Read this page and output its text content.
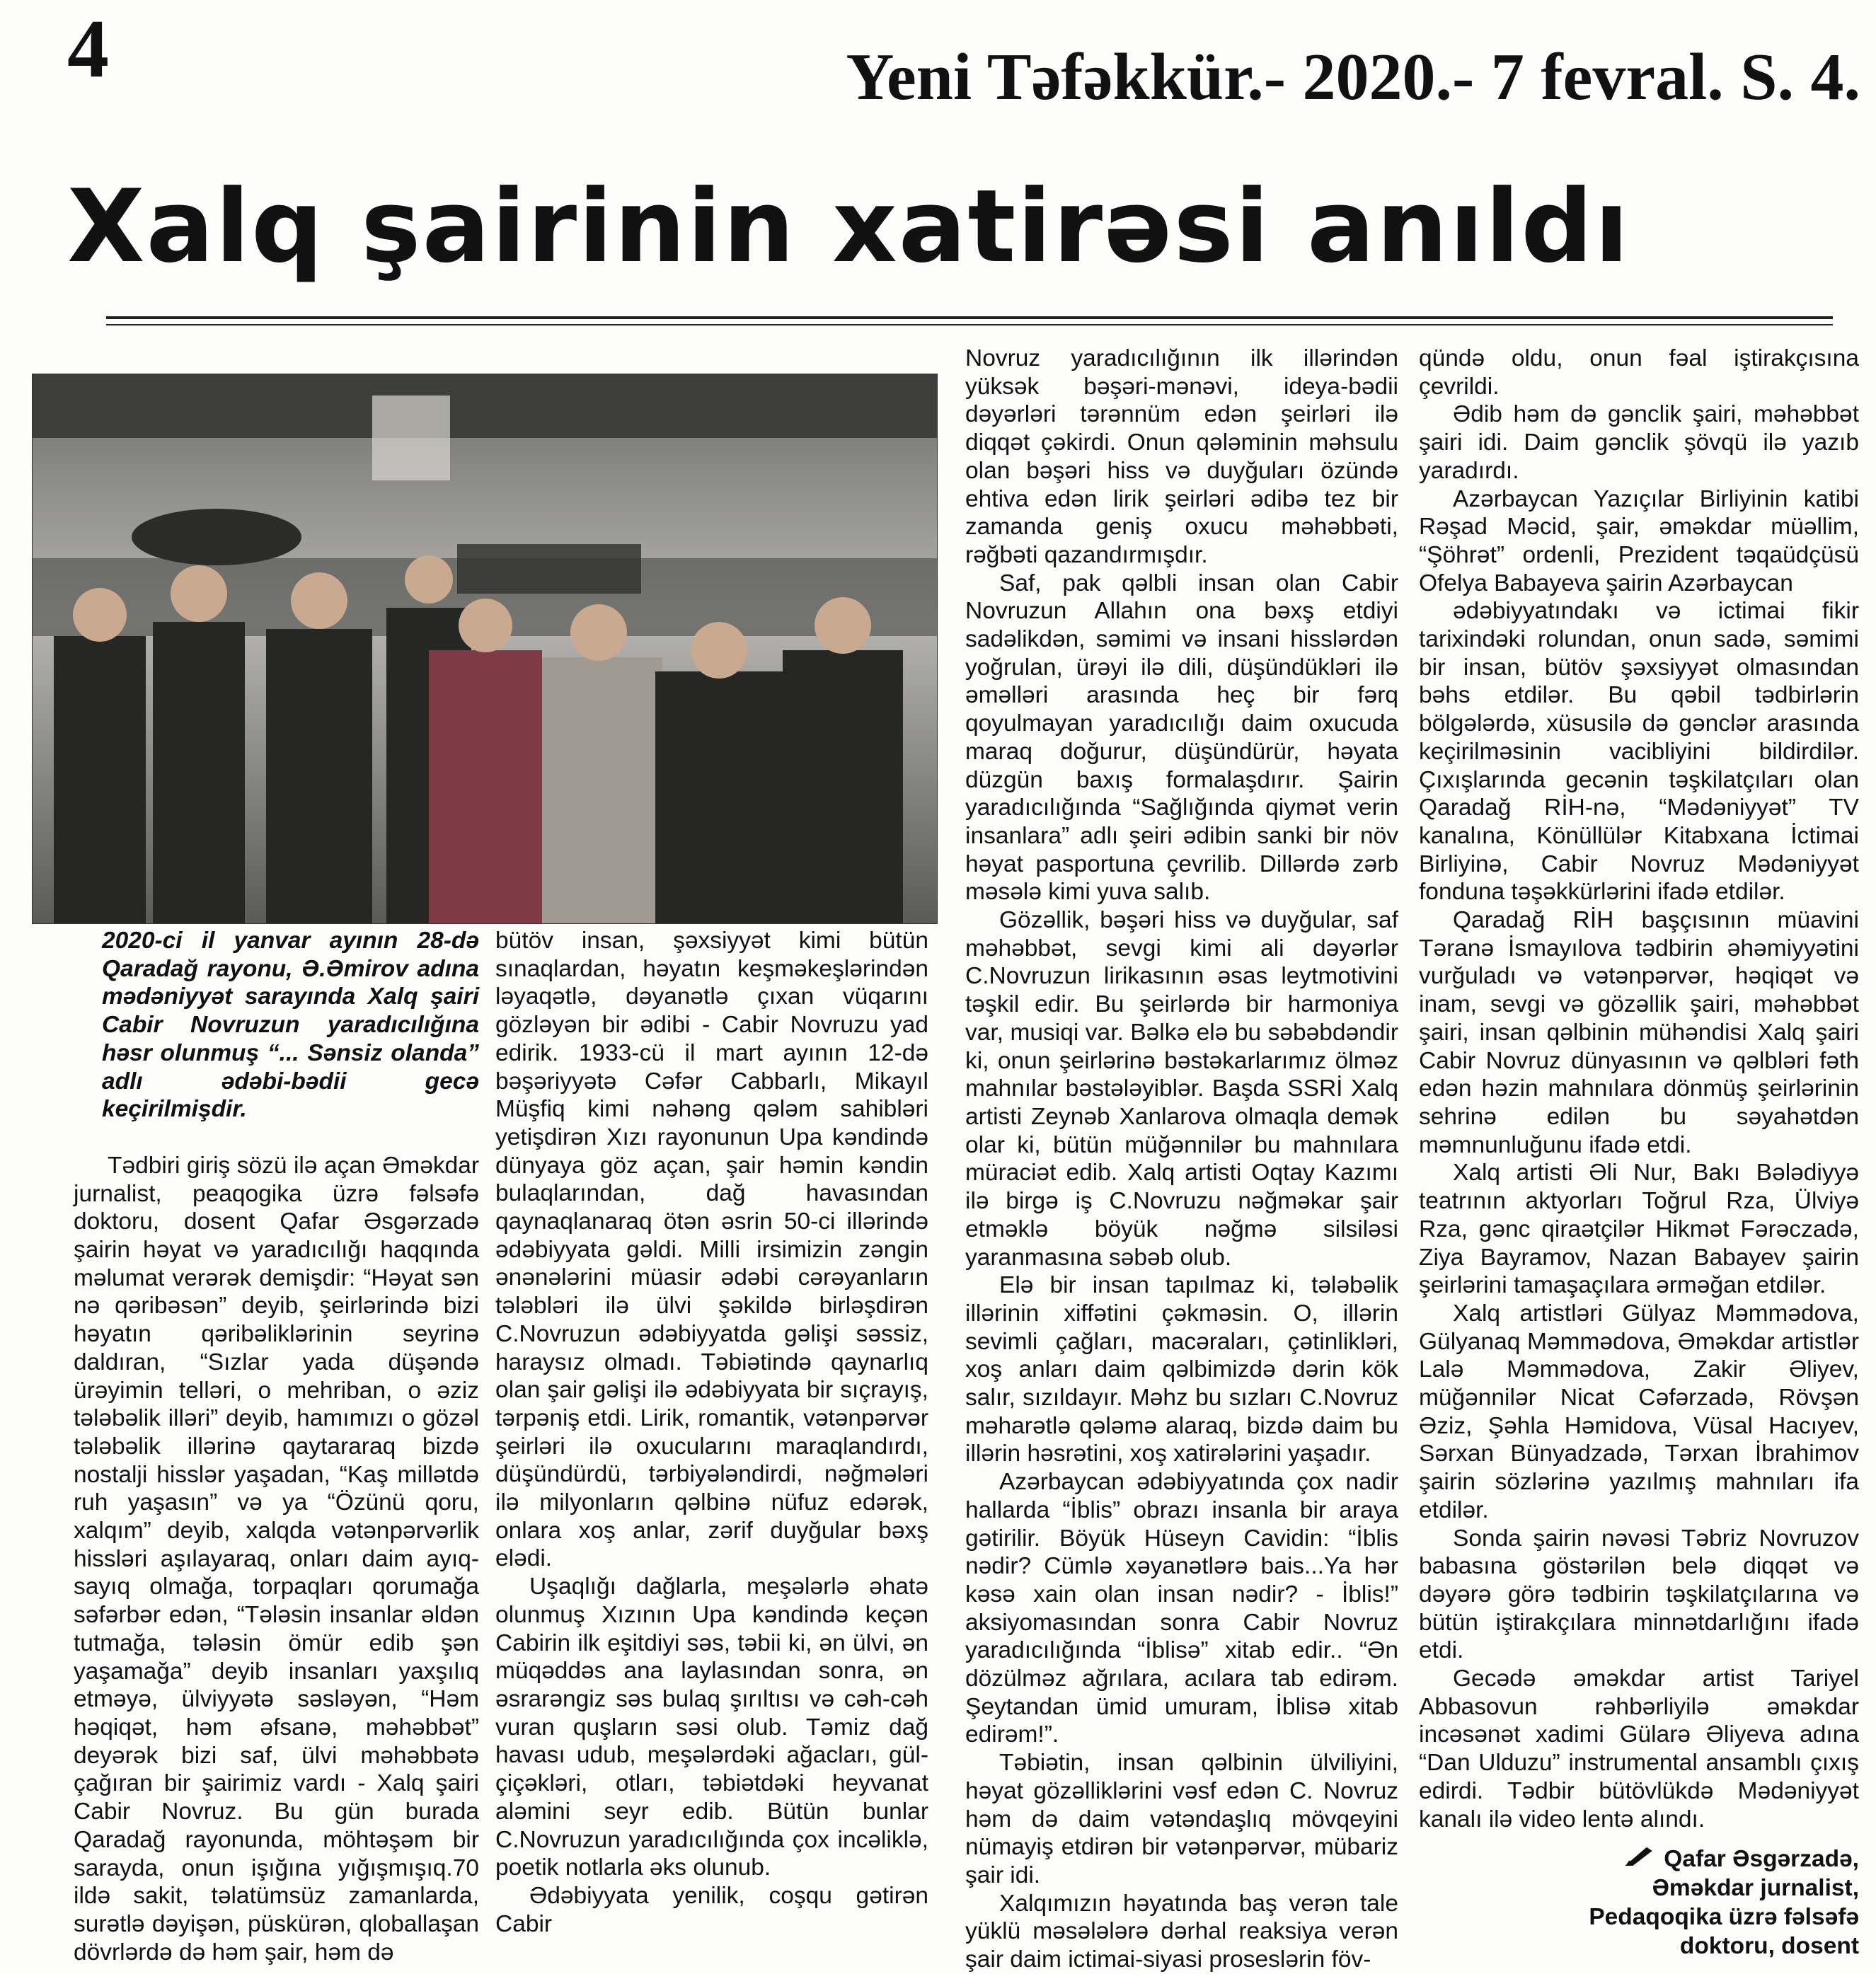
4	Yeni Təfəkkür.- 2020.- 7 fevral. S. 4.
Xalq şairinin xatirəsi anıldı

2020-ci il yanvar ayının 28-də Qaradağ rayonu, Ə.Əmirov adına mədəniyyət sarayında Xalq şairi Cabir Novruzun yaradıcılığına həsr olunmuş “... Sənsiz olanda” adlı ədəbi-bədii gecə keçirilmişdir.

Tədbiri giriş sözü ilə açan Əməkdar jurnalist, peaqogika üzrə fəlsəfə doktoru, dosent Qafar Əsgərzadə şairin həyat və yaradıcılığı haqqında məlumat verərək demişdir: “Həyat sən nə qəribəsən” deyib, şeirlərində bizi həyatın qəribəliklərinin seyrinə daldıran, “Sızlar yada düşəndə ürəyimin telləri, o mehriban, o əziz tələbəlik illəri” deyib, hamımızı o gözəl tələbəlik illərinə qaytararaq bizdə nostalji hisslər yaşadan, “Kaş millətdə ruh yaşasın” və ya “Özünü qoru, xalqım” deyib, xalqda vətənpərvərlik hissləri aşılayaraq, onları daim ayıq- sayıq olmağa, torpaqları qorumağa səfərbər edən, “Tələsin insanlar əldən tutmağa, tələsin ömür edib şən yaşamağa” deyib insanları yaxşılıq etməyə, ülviyyətə səsləyən, “Həm həqiqət, həm əfsanə, məhəbbət” deyərək bizi saf, ülvi məhəbbətə çağıran bir şairimiz vardı - Xalq şairi Cabir Novruz. Bu gün burada Qaradağ rayonunda, möhtəşəm bir sarayda, onun işığına yığışmışıq.70 ildə sakit, təlatümsüz zamanlarda, surətlə dəyişən, püskürən, qloballaşan dövrlərdə də həm şair, həm də

bütöv insan, şəxsiyyət kimi bütün sınaqlardan, həyatın keşməkeşlərindən ləyaqətlə, dəyanətlə çıxan vüqarını gözləyən bir ədibi - Cabir Novruzu yad edirik. 1933-cü il mart ayının 12-də bəşəriyyətə Cəfər Cabbarlı, Mikayıl Müşfiq kimi nəhəng qələm sahibləri yetişdirən Xızı rayonunun Upa kəndində dünyaya göz açan, şair həmin kəndin bulaqlarından, dağ havasından qaynaqlanaraq ötən əsrin 50-ci illərində ədəbiyyata gəldi. Milli irsimizin zəngin ənənələrini müasir ədəbi cərəyanların tələbləri ilə ülvi şəkildə birləşdirən C.Novruzun ədəbiyyatda gəlişi səssiz, haraysız olmadı. Təbiətində qaynarlıq olan şair gəlişi ilə ədəbiyyata bir sıçrayış, tərpəniş etdi. Lirik, romantik, vətənpərvər şeirləri ilə oxucularını maraqlandırdı, düşündürdü, tərbiyələndirdi, nəğmələri ilə milyonların qəlbinə nüfuz edərək, onlara xoş anlar, zərif duyğular bəxş elədi.

Uşaqlığı dağlarla, meşələrlə əhatə olunmuş Xızının Upa kəndində keçən Cabirin ilk eşitdiyi səs, təbii ki, ən ülvi, ən müqəddəs ana laylasından sonra, ən əsrarəngiz səs bulaq şırıltısı və cəh-cəh vuran quşların səsi olub. Təmiz dağ havası udub, meşələrdəki ağacları, gül-çiçəkləri, otları, təbiətdəki heyvanat aləmini seyr edib. Bütün bunlar C.Novruzun yaradıcılığında çox incəliklə, poetik notlarla əks olunub.

Ədəbiyyata yenilik, coşqu gətirən Cabir

Novruz yaradıcılığının ilk illərindən yüksək bəşəri-mənəvi, ideya-bədii dəyərləri tərənnüm edən şeirləri ilə diqqət çəkirdi. Onun qələminin məhsulu olan bəşəri hiss və duyğuları özündə ehtiva edən lirik şeirləri ədibə tez bir zamanda geniş oxucu məhəbbəti, rəğbəti qazandırmışdır.

Saf, pak qəlbli insan olan Cabir Novruzun Allahın ona bəxş etdiyi sadəlikdən, səmimi və insani hisslərdən yoğrulan, ürəyi ilə dili, düşündükləri ilə əməlləri arasında heç bir fərq qoyulmayan yaradıcılığı daim oxucuda maraq doğurur, düşündürür, həyata düzgün baxış formalaşdırır. Şairin yaradıcılığında “Sağlığında qiymət verin insanlara” adlı şeiri ədibin sanki bir növ həyat pasportuna çevrilib. Dillərdə zərb məsələ kimi yuva salıb.

Gözəllik, bəşəri hiss və duyğular, saf məhəbbət, sevgi kimi ali dəyərlər C.Novruzun lirikasının əsas leytmotivini təşkil edir. Bu şeirlərdə bir harmoniya var, musiqi var. Bəlkə elə bu səbəbdəndir ki, onun şeirlərinə bəstəkarlarımız ölməz mahnılar bəstələyiblər. Başda SSRİ Xalq artisti Zeynəb Xanlarova olmaqla demək olar ki, bütün müğənnilər bu mahnılara müraciət edib. Xalq artisti Oqtay Kazımı ilə birgə iş C.Novruzu nəğməkar şair etməklə böyük nəğmə silsiləsi yaranmasına səbəb olub.

Elə bir insan tapılmaz ki, tələbəlik illərinin xiffətini çəkməsin. O, illərin sevimli çağları, macəraları, çətinlikləri, xoş anları daim qəlbimizdə dərin kök salır, sızıldayır. Məhz bu sızları C.Novruz məharətlə qələmə alaraq, bizdə daim bu illərin həsrətini, xoş xatirələrini yaşadır.

Azərbaycan ədəbiyyatında çox nadir hallarda “İblis” obrazı insanla bir araya gətirilir. Böyük Hüseyn Cavidin: “İblis nədir? Cümlə xəyanətlərə bais...Ya hər kəsə xain olan insan nədir? - İblis!” aksiyomasından sonra Cabir Novruz yaradıcılığında “İblisə” xitab edir.. “Ən dözülməz ağrılara, acılara tab edirəm. Şeytandan ümid umuram, İblisə xitab edirəm!”.

Təbiətin, insan qəlbinin ülviliyini, həyat gözəlliklərini vəsf edən C. Novruz həm də daim vətəndaşlıq mövqeyini nümayiş etdirən bir vətənpərvər, mübariz şair idi.

Xalqımızın həyatında baş verən tale yüklü məsələlərə dərhal reaksiya verən şair daim ictimai-siyasi proseslərin föv-

qündə oldu, onun fəal iştirakçısına çevrildi.

Ədib həm də gənclik şairi, məhəbbət şairi idi. Daim gənclik şövqü ilə yazıb yaradırdı.

Azərbaycan Yazıçılar Birliyinin katibi Rəşad Məcid, şair, əməkdar müəllim, “Şöhrət” ordenli, Prezident təqaüdçüsü Ofelya Babayeva şairin Azərbaycan

ədəbiyyatındakı və ictimai fikir tarixindəki rolundan, onun sadə, səmimi bir insan, bütöv şəxsiyyət olmasından bəhs etdilər. Bu qəbil tədbirlərin bölgələrdə, xüsusilə də gənclər arasında keçirilməsinin vacibliyini bildirdilər. Çıxışlarında gecənin təşkilatçıları olan Qaradağ RİH-nə, “Mədəniyyət” TV kanalına, Könüllülər Kitabxana İctimai Birliyinə, Cabir Novruz Mədəniyyət fonduna təşəkkürlərini ifadə etdilər.

Qaradağ RİH başçısının müavini Təranə İsmayılova tədbirin əhəmiyyətini vurğuladı və vətənpərvər, həqiqət və inam, sevgi və gözəllik şairi, məhəbbət şairi, insan qəlbinin mühəndisi Xalq şairi Cabir Novruz dünyasının və qəlbləri fəth edən həzin mahnılara dönmüş şeirlərinin sehrinə edilən bu səyahətdən məmnunluğunu ifadə etdi.

Xalq artisti Əli Nur, Bakı Bələdiyyə teatrının aktyorları Toğrul Rza, Ülviyə Rza, gənc qiraətçilər Hikmət Fərəczadə, Ziya Bayramov, Nazan Babayev şairin şeirlərini tamaşaçılara ərməğan etdilər.

Xalq artistləri Gülyaz Məmmədova, Gülyanaq Məmmədova, Əməkdar artistlər Lalə Məmmədova, Zakir Əliyev, müğənnilər Nicat Cəfərzadə, Rövşən Əziz, Şəhla Həmidova, Vüsal Hacıyev, Sərxan Bünyadzadə, Tərxan İbrahimov şairin sözlərinə yazılmış mahnıları ifa etdilər.

Sonda şairin nəvəsi Təbriz Novruzov babasına göstərilən belə diqqət və dəyərə görə tədbirin təşkilatçılarına və bütün iştirakçılara minnətdarlığını ifadə etdi.

Gecədə əməkdar artist Tariyel Abbasovun rəhbərliyilə əməkdar incəsənət xadimi Gülarə Əliyeva adına “Dan Ulduzu” instrumental ansamblı çıxış edirdi. Tədbir bütövlükdə Mədəniyyət kanalı ilə video lentə alındı.

Qafar Əsgərzadə,
Əməkdar jurnalist,
Pedaqoqika üzrə fəlsəfə
doktoru, dosent
